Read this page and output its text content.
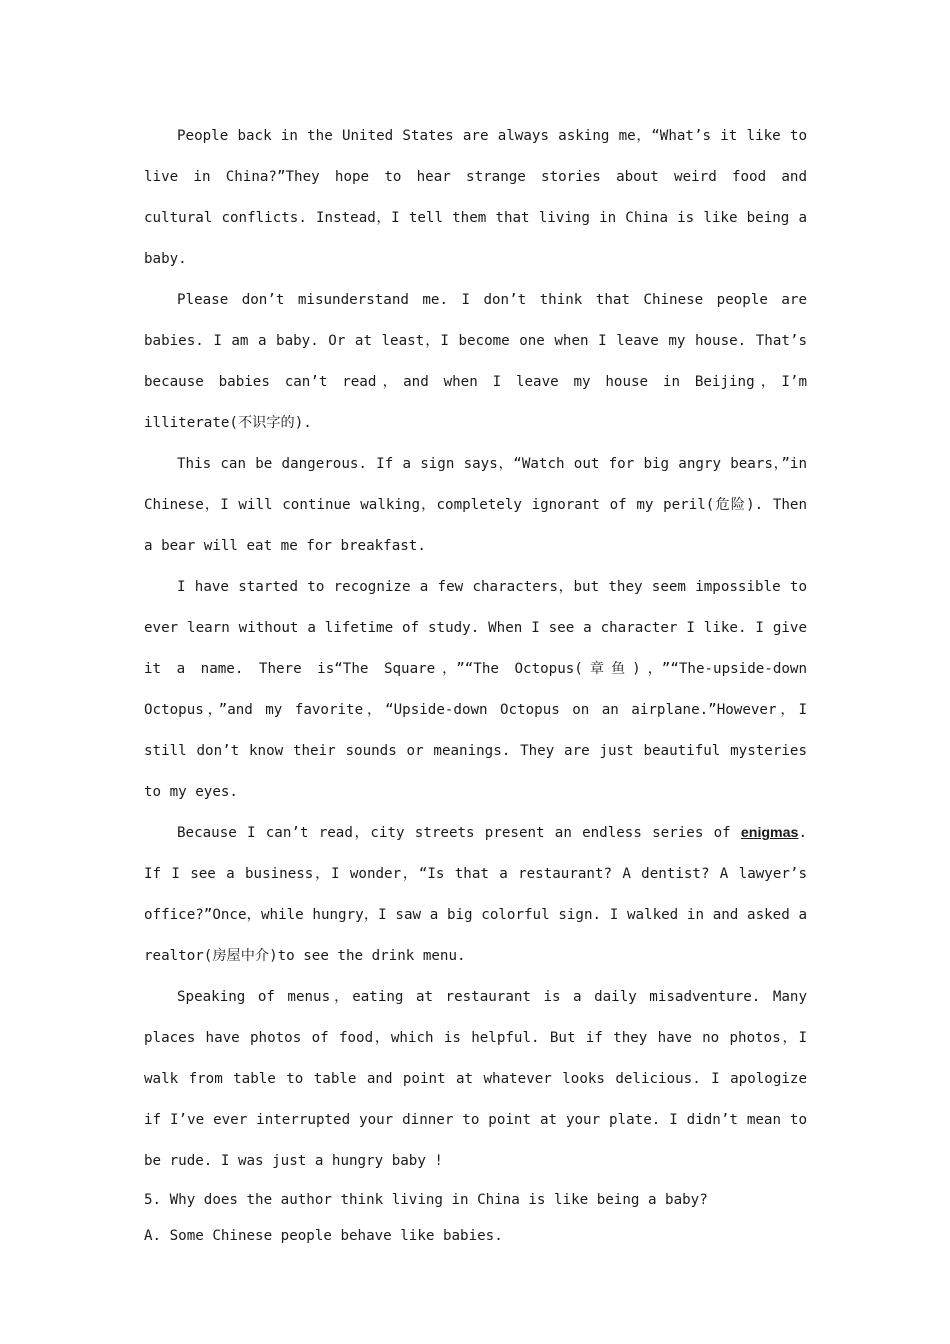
People back in the United States are always asking me，“What’s it like to live in China?”They hope to hear strange stories about weird food and cultural conflicts. Instead，I tell them that living in China is like being a baby.

Please don’t misunderstand me. I don’t think that Chinese people are babies. I am a baby. Or at least，I become one when I leave my house. That’s because babies can’t read，and when I leave my house in Beijing，I’m illiterate(不识字的).

This can be dangerous. If a sign says，“Watch out for big angry bears，”in Chinese，I will continue walking，completely ignorant of my peril(危险). Then a bear will eat me for breakfast.

I have started to recognize a few characters，but they seem impossible to ever learn without a lifetime of study. When I see a character I like. I give it a name. There is“The Square，”“The Octopus(章鱼)，”“The-upside-down Octopus，”and my favorite，“Upside-down Octopus on an airplane.”However，I still don’t know their sounds or meanings. They are just beautiful mysteries to my eyes.

Because I can’t read，city streets present an endless series of enigmas. If I see a business，I wonder，“Is that a restaurant? A dentist? A lawyer’s office?”Once，while hungry，I saw a big colorful sign. I walked in and asked a realtor(房屋中介)to see the drink menu.

Speaking of menus，eating at restaurant is a daily misadventure. Many places have photos of food，which is helpful. But if they have no photos，I walk from table to table and point at whatever looks delicious. I apologize if I’ve ever interrupted your dinner to point at your plate. I didn’t mean to be rude. I was just a hungry baby !

5. Why does the author think living in China is like being a baby?

A. Some Chinese people behave like babies.
